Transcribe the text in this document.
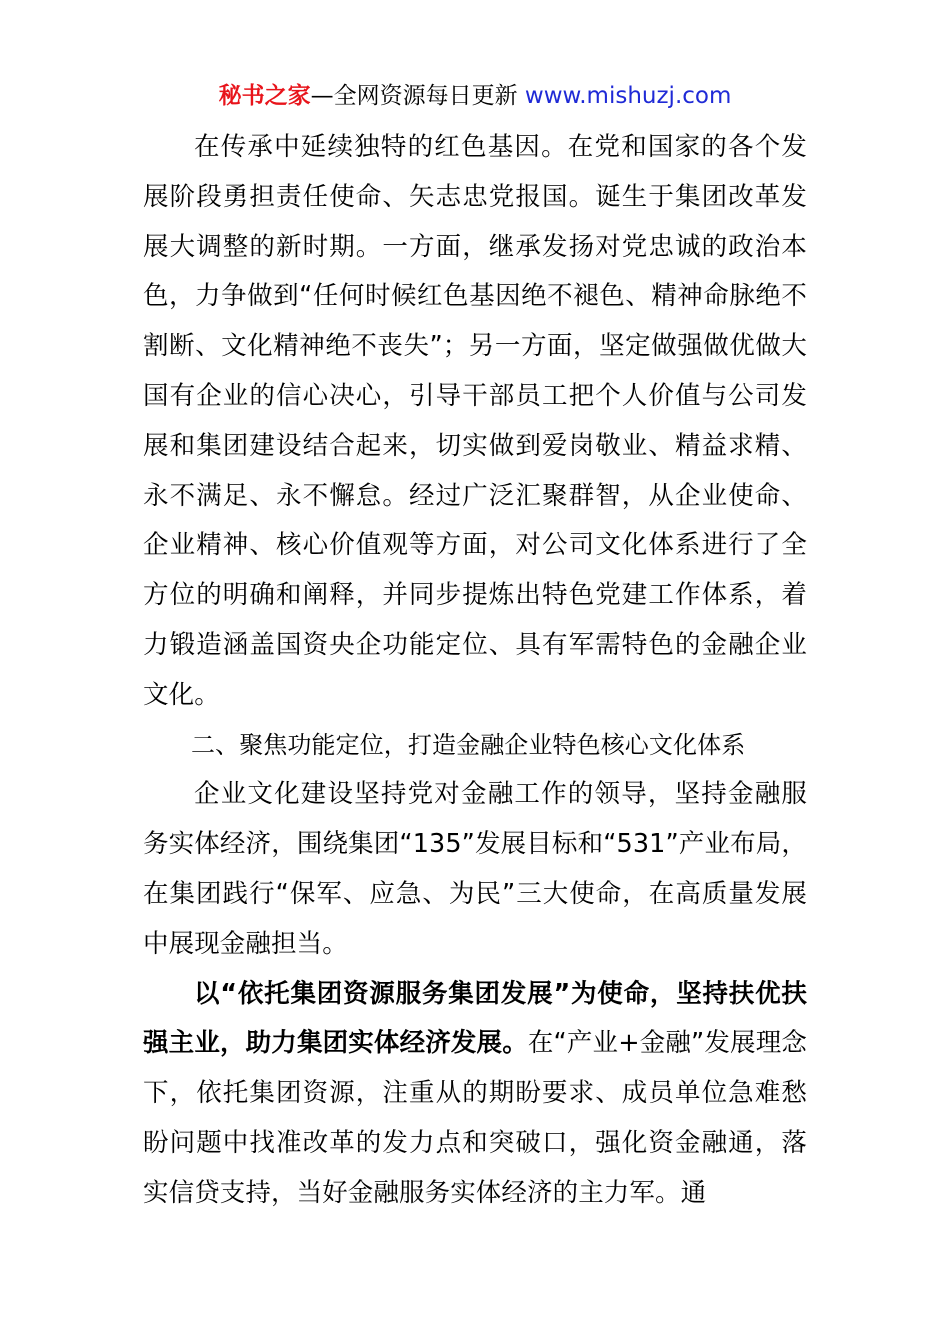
秘书之家—全网资源每日更新 www.mishuzj.com

在传承中延续独特的红色基因。在党和国家的各个发展阶段勇担责任使命、矢志忠党报国。诞生于集团改革发展大调整的新时期。一方面，继承发扬对党忠诚的政治本色，力争做到“任何时候红色基因绝不褪色、精神命脉绝不割断、文化精神绝不丧失”；另一方面，坚定做强做优做大国有企业的信心决心，引导干部员工把个人价值与公司发展和集团建设结合起来，切实做到爱岗敬业、精益求精、永不满足、永不懈怠。经过广泛汇聚群智，从企业使命、企业精神、核心价值观等方面，对公司文化体系进行了全方位的明确和阐释，并同步提炼出特色党建工作体系，着力锻造涵盖国资央企功能定位、具有军需特色的金融企业文化。

二、聚焦功能定位，打造金融企业特色核心文化体系

企业文化建设坚持党对金融工作的领导，坚持金融服务实体经济，围绕集团“135”发展目标和“531”产业布局，在集团践行“保军、应急、为民”三大使命，在高质量发展中展现金融担当。

以“依托集团资源服务集团发展”为使命，坚持扶优扶强主业，助力集团实体经济发展。在“产业+金融”发展理念下，依托集团资源，注重从的期盼要求、成员单位急难愁盼问题中找准改革的发力点和突破口，强化资金融通，落实信贷支持，当好金融服务实体经济的主力军。通
